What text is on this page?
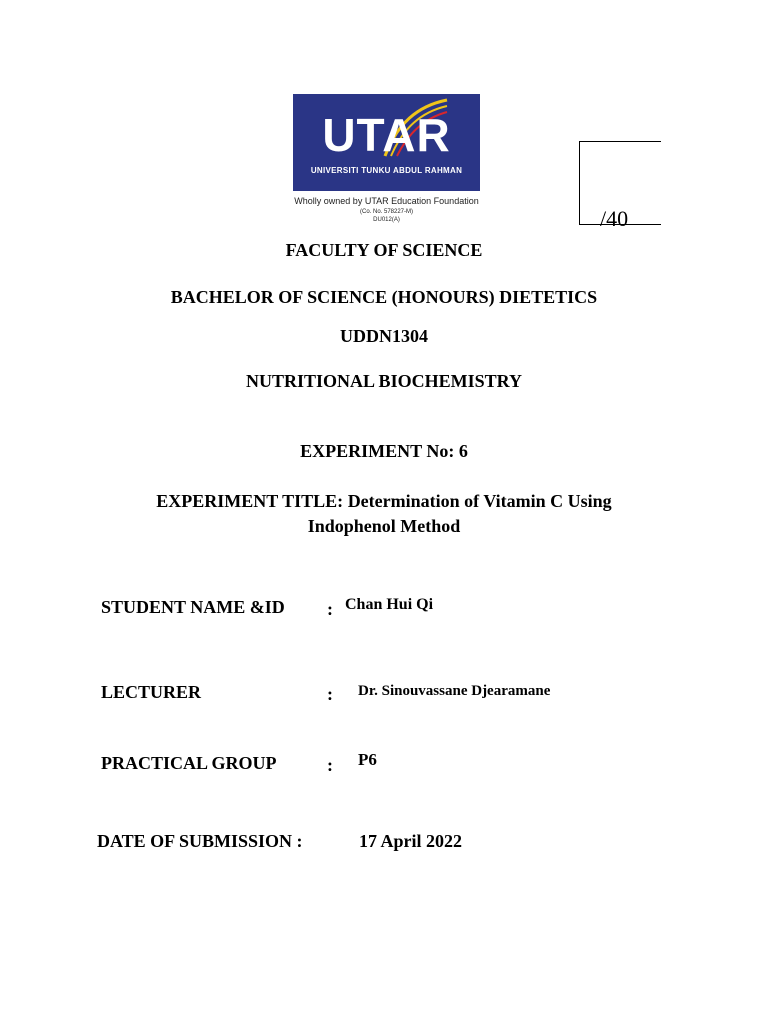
UTAR
UNIVERSITI TUNKU ABDUL RAHMAN
Wholly owned by UTAR Education Foundation
(Co. No. 578227-M)
DU012(A)	/40
FACULTY OF SCIENCE
BACHELOR OF SCIENCE (HONOURS) DIETETICS
UDDN1304
NUTRITIONAL BIOCHEMISTRY
EXPERIMENT No: 6
EXPERIMENT TITLE: Determination of Vitamin C Using
Indophenol Method
STUDENT NAME &ID : Chan Hui Qi
LECTURER	: Dr. Sinouvassane Djearamane
PRACTICAL GROUP	: P6
DATE OF SUBMISSION :	17 April 2022
